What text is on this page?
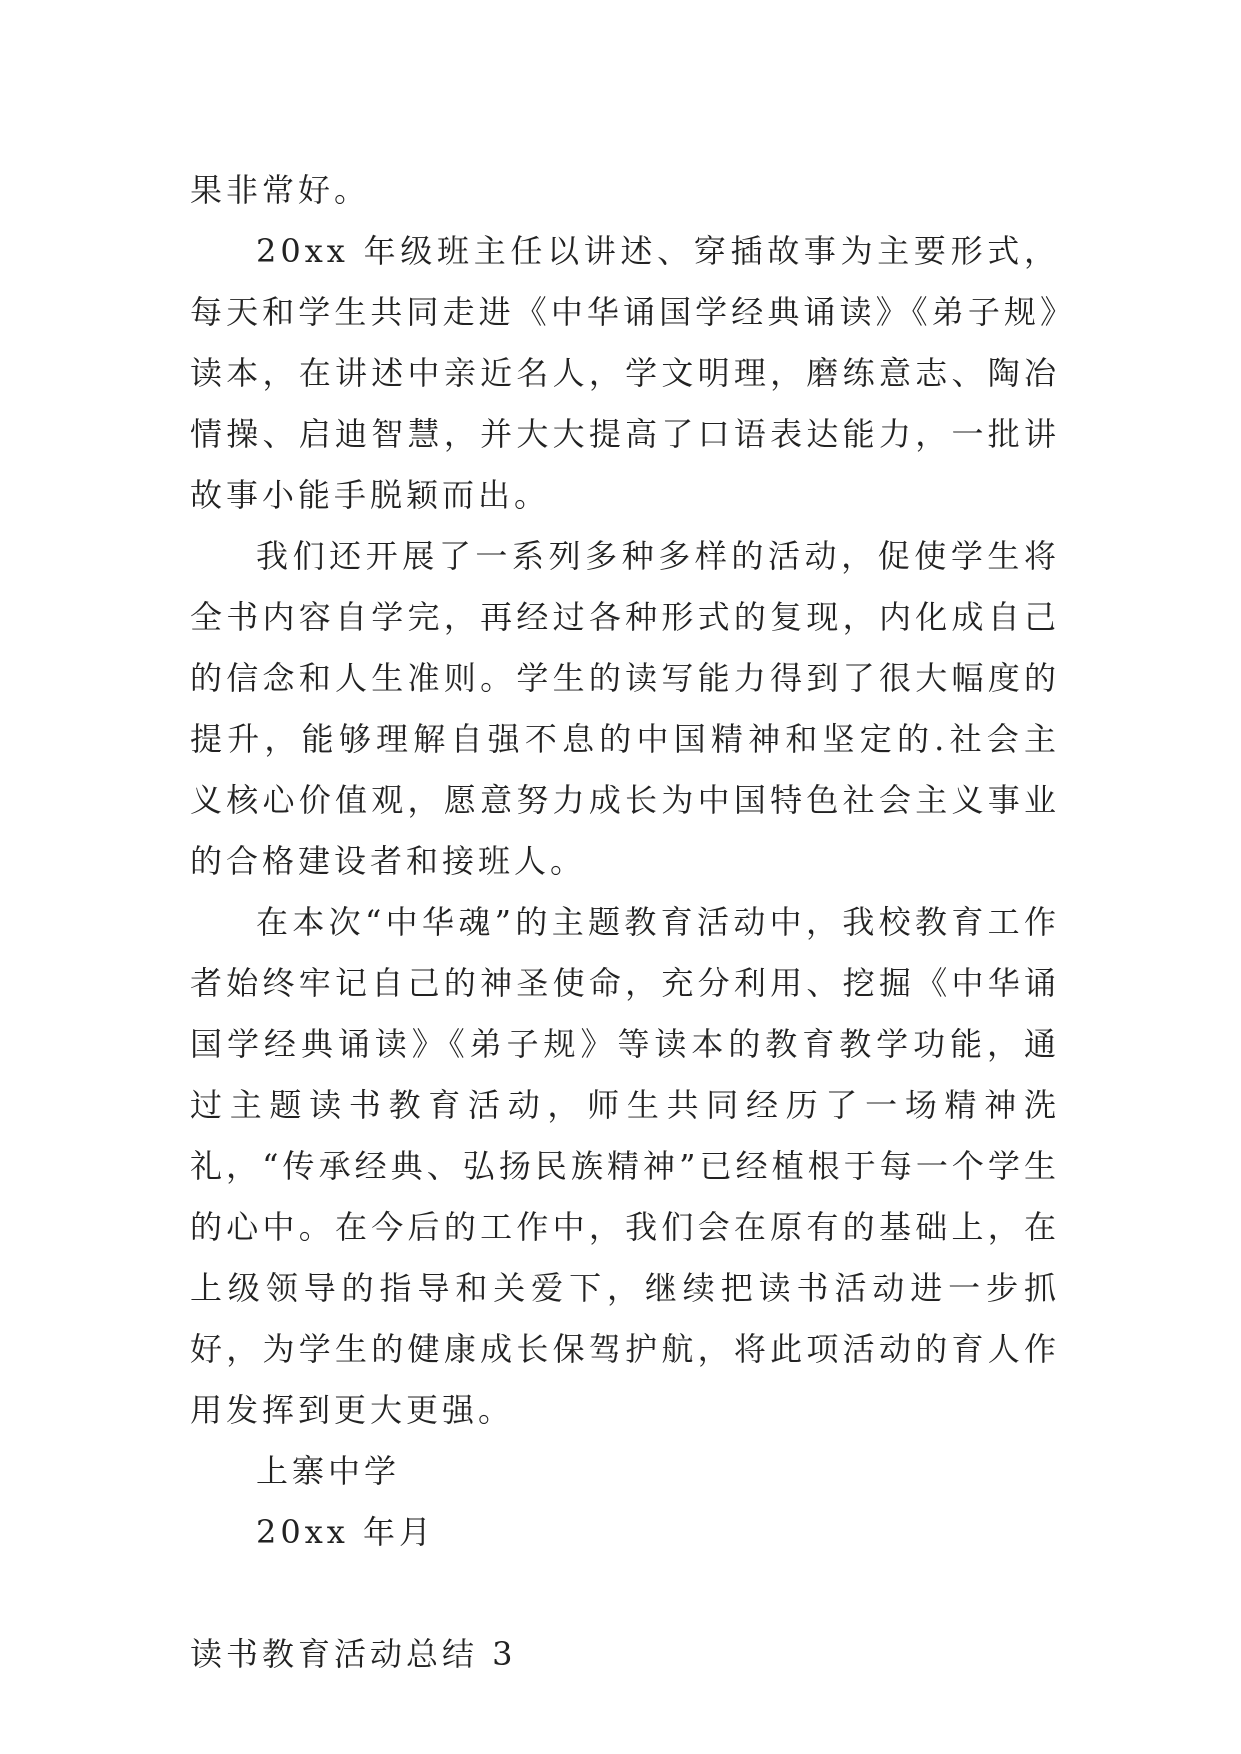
果非常好。

20xx 年级班主任以讲述、穿插故事为主要形式，每天和学生共同走进《中华诵国学经典诵读》《弟子规》读本，在讲述中亲近名人，学文明理，磨练意志、陶冶情操、启迪智慧，并大大提高了口语表达能力，一批讲故事小能手脱颖而出。

我们还开展了一系列多种多样的活动，促使学生将全书内容自学完，再经过各种形式的复现，内化成自己的信念和人生准则。学生的读写能力得到了很大幅度的提升，能够理解自强不息的中国精神和坚定的.社会主义核心价值观，愿意努力成长为中国特色社会主义事业的合格建设者和接班人。

在本次“中华魂”的主题教育活动中，我校教育工作者始终牢记自己的神圣使命，充分利用、挖掘《中华诵国学经典诵读》《弟子规》等读本的教育教学功能，通过主题读书教育活动，师生共同经历了一场精神洗礼，“传承经典、弘扬民族精神”已经植根于每一个学生的心中。在今后的工作中，我们会在原有的基础上，在上级领导的指导和关爱下，继续把读书活动进一步抓好，为学生的健康成长保驾护航，将此项活动的育人作用发挥到更大更强。

上寨中学

20xx 年月

读书教育活动总结 3
